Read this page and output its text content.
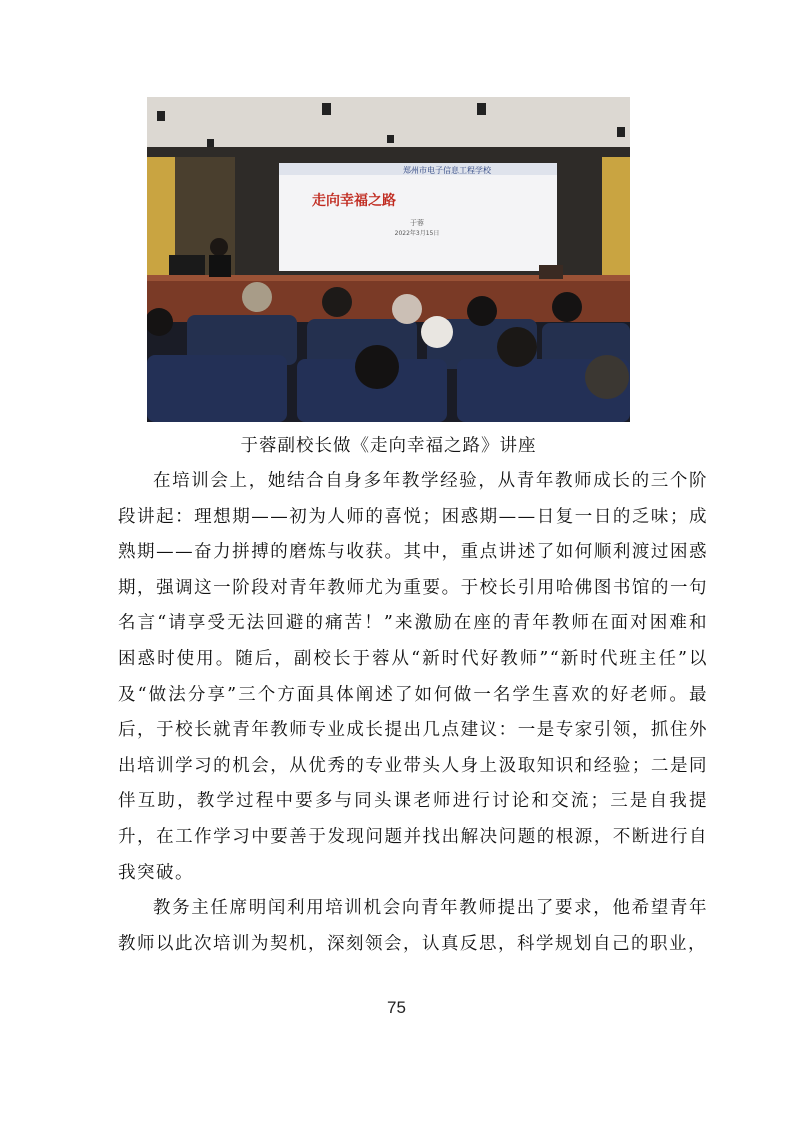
郑州市电子信息工程学校
走向幸福之路
于蓉
2022年3月15日
于蓉副校长做《走向幸福之路》讲座

在培训会上，她结合自身多年教学经验，从青年教师成长的三个阶段讲起：理想期——初为人师的喜悦；困惑期——日复一日的乏味；成熟期——奋力拼搏的磨炼与收获。其中，重点讲述了如何顺利渡过困惑期，强调这一阶段对青年教师尤为重要。于校长引用哈佛图书馆的一句名言“请享受无法回避的痛苦！”来激励在座的青年教师在面对困难和困惑时使用。随后，副校长于蓉从“新时代好教师”“新时代班主任”以及“做法分享”三个方面具体阐述了如何做一名学生喜欢的好老师。最后，于校长就青年教师专业成长提出几点建议：一是专家引领，抓住外出培训学习的机会，从优秀的专业带头人身上汲取知识和经验；二是同伴互助，教学过程中要多与同头课老师进行讨论和交流；三是自我提升，在工作学习中要善于发现问题并找出解决问题的根源，不断进行自我突破。

教务主任席明闰利用培训机会向青年教师提出了要求，他希望青年教师以此次培训为契机，深刻领会，认真反思，科学规划自己的职业，

75
